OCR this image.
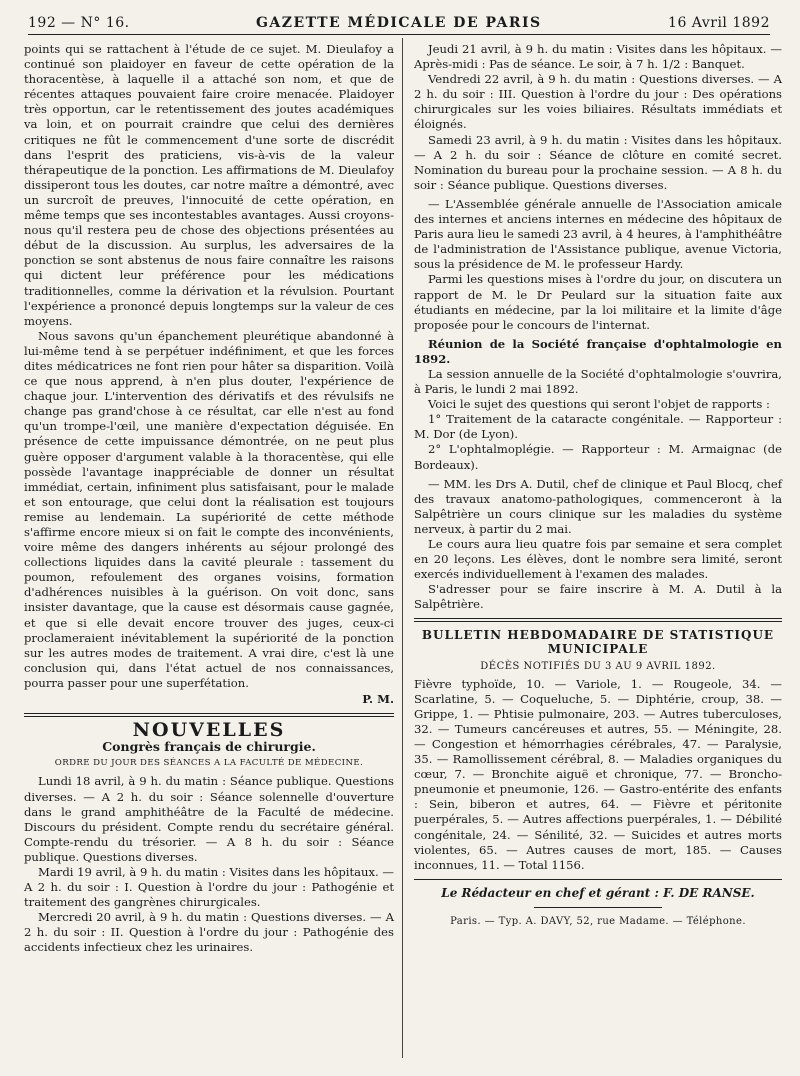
192 — N° 16.	GAZETTE MÉDICALE DE PARIS	16 Avril 1892

points qui se rattachent à l'étude de ce sujet. M. Dieulafoy a continué son plaidoyer en faveur de cette opération de la thoracentèse, à laquelle il a attaché son nom, et que de récentes attaques pouvaient faire croire menacée. Plaidoyer très opportun, car le retentissement des joutes académiques va loin, et on pourrait craindre que celui des dernières critiques ne fût le commencement d'une sorte de discrédit dans l'esprit des praticiens, vis-à-vis de la valeur thérapeutique de la ponction. Les affirmations de M. Dieulafoy dissiperont tous les doutes, car notre maître a démontré, avec un surcroît de preuves, l'innocuité de cette opération, en même temps que ses incontestables avantages. Aussi croyons-nous qu'il restera peu de chose des objections présentées au début de la discussion. Au surplus, les adversaires de la ponction se sont abstenus de nous faire connaître les raisons qui dictent leur préférence pour les médications traditionnelles, comme la dérivation et la révulsion. Pourtant l'expérience a prononcé depuis longtemps sur la valeur de ces moyens.

Nous savons qu'un épanchement pleurétique abandonné à lui-même tend à se perpétuer indéfiniment, et que les forces dites médicatrices ne font rien pour hâter sa disparition. Voilà ce que nous apprend, à n'en plus douter, l'expérience de chaque jour. L'intervention des dérivatifs et des révulsifs ne change pas grand'chose à ce résultat, car elle n'est au fond qu'un trompe-l'œil, une manière d'expectation déguisée. En présence de cette impuissance démontrée, on ne peut plus guère opposer d'argument valable à la thoracentèse, qui elle possède l'avantage inappréciable de donner un résultat immédiat, certain, infiniment plus satisfaisant, pour le malade et son entourage, que celui dont la réalisation est toujours remise au lendemain. La supériorité de cette méthode s'affirme encore mieux si on fait le compte des inconvénients, voire même des dangers inhérents au séjour prolongé des collections liquides dans la cavité pleurale : tassement du poumon, refoulement des organes voisins, formation d'adhérences nuisibles à la guérison. On voit donc, sans insister davantage, que la cause est désormais cause gagnée, et que si elle devait encore trouver des juges, ceux-ci proclameraient inévitablement la supériorité de la ponction sur les autres modes de traitement. A vrai dire, c'est là une conclusion qui, dans l'état actuel de nos connaissances, pourra passer pour une superfétation.

P. M.
NOUVELLES
Congrès français de chirurgie.
ORDRE DU JOUR DES SÉANCES A LA FACULTÉ DE MÉDECINE.

Lundi 18 avril, à 9 h. du matin : Séance publique. Questions diverses. — A 2 h. du soir : Séance solennelle d'ouverture dans le grand amphithéâtre de la Faculté de médecine. Discours du président. Compte rendu du secrétaire général. Compte-rendu du trésorier. — A 8 h. du soir : Séance publique. Questions diverses.

Mardi 19 avril, à 9 h. du matin : Visites dans les hôpitaux. — A 2 h. du soir : I. Question à l'ordre du jour : Pathogénie et traitement des gangrènes chirurgicales.

Mercredi 20 avril, à 9 h. du matin : Questions diverses. — A 2 h. du soir : II. Question à l'ordre du jour : Pathogénie des accidents infectieux chez les urinaires.

Jeudi 21 avril, à 9 h. du matin : Visites dans les hôpitaux. — Après-midi : Pas de séance. Le soir, à 7 h. 1/2 : Banquet.

Vendredi 22 avril, à 9 h. du matin : Questions diverses. — A 2 h. du soir : III. Question à l'ordre du jour : Des opérations chirurgicales sur les voies biliaires. Résultats immédiats et éloignés.

Samedi 23 avril, à 9 h. du matin : Visites dans les hôpitaux. — A 2 h. du soir : Séance de clôture en comité secret. Nomination du bureau pour la prochaine session. — A 8 h. du soir : Séance publique. Questions diverses.

— L'Assemblée générale annuelle de l'Association amicale des internes et anciens internes en médecine des hôpitaux de Paris aura lieu le samedi 23 avril, à 4 heures, à l'amphithéâtre de l'administration de l'Assistance publique, avenue Victoria, sous la présidence de M. le professeur Hardy.

Parmi les questions mises à l'ordre du jour, on discutera un rapport de M. le Dr Peulard sur la situation faite aux étudiants en médecine, par la loi militaire et la limite d'âge proposée pour le concours de l'internat.

Réunion de la Société française d'ophtalmologie en 1892.

La session annuelle de la Société d'ophtalmologie s'ouvrira, à Paris, le lundi 2 mai 1892.

Voici le sujet des questions qui seront l'objet de rapports :

1° Traitement de la cataracte congénitale. — Rapporteur : M. Dor (de Lyon).

2° L'ophtalmoplégie. — Rapporteur : M. Armaignac (de Bordeaux).

— MM. les Drs A. Dutil, chef de clinique et Paul Blocq, chef des travaux anatomo-pathologiques, commenceront à la Salpêtrière un cours clinique sur les maladies du système nerveux, à partir du 2 mai.

Le cours aura lieu quatre fois par semaine et sera complet en 20 leçons. Les élèves, dont le nombre sera limité, seront exercés individuellement à l'examen des malades.

S'adresser pour se faire inscrire à M. A. Dutil à la Salpêtrière.

BULLETIN HEBDOMADAIRE DE STATISTIQUE
MUNICIPALE
DÉCÈS NOTIFIÉS DU 3 AU 9 AVRIL 1892.

Fièvre typhoïde, 10. — Variole, 1. — Rougeole, 34. — Scarlatine, 5. — Coqueluche, 5. — Diphtérie, croup, 38. — Grippe, 1. — Phtisie pulmonaire, 203. — Autres tuberculoses, 32. — Tumeurs cancéreuses et autres, 55. — Méningite, 28. — Congestion et hémorrhagies cérébrales, 47. — Paralysie, 35. — Ramollissement cérébral, 8. — Maladies organiques du cœur, 7. — Bronchite aiguë et chronique, 77. — Broncho-pneumonie et pneumonie, 126. — Gastro-entérite des enfants : Sein, biberon et autres, 64. — Fièvre et péritonite puerpérales, 5. — Autres affections puerpérales, 1. — Débilité congénitale, 24. — Sénilité, 32. — Suicides et autres morts violentes, 65. — Autres causes de mort, 185. — Causes inconnues, 11. — Total 1156.

Le Rédacteur en chef et gérant : F. DE RANSE.
Paris. — Typ. A. DAVY, 52, rue Madame. — Téléphone.
